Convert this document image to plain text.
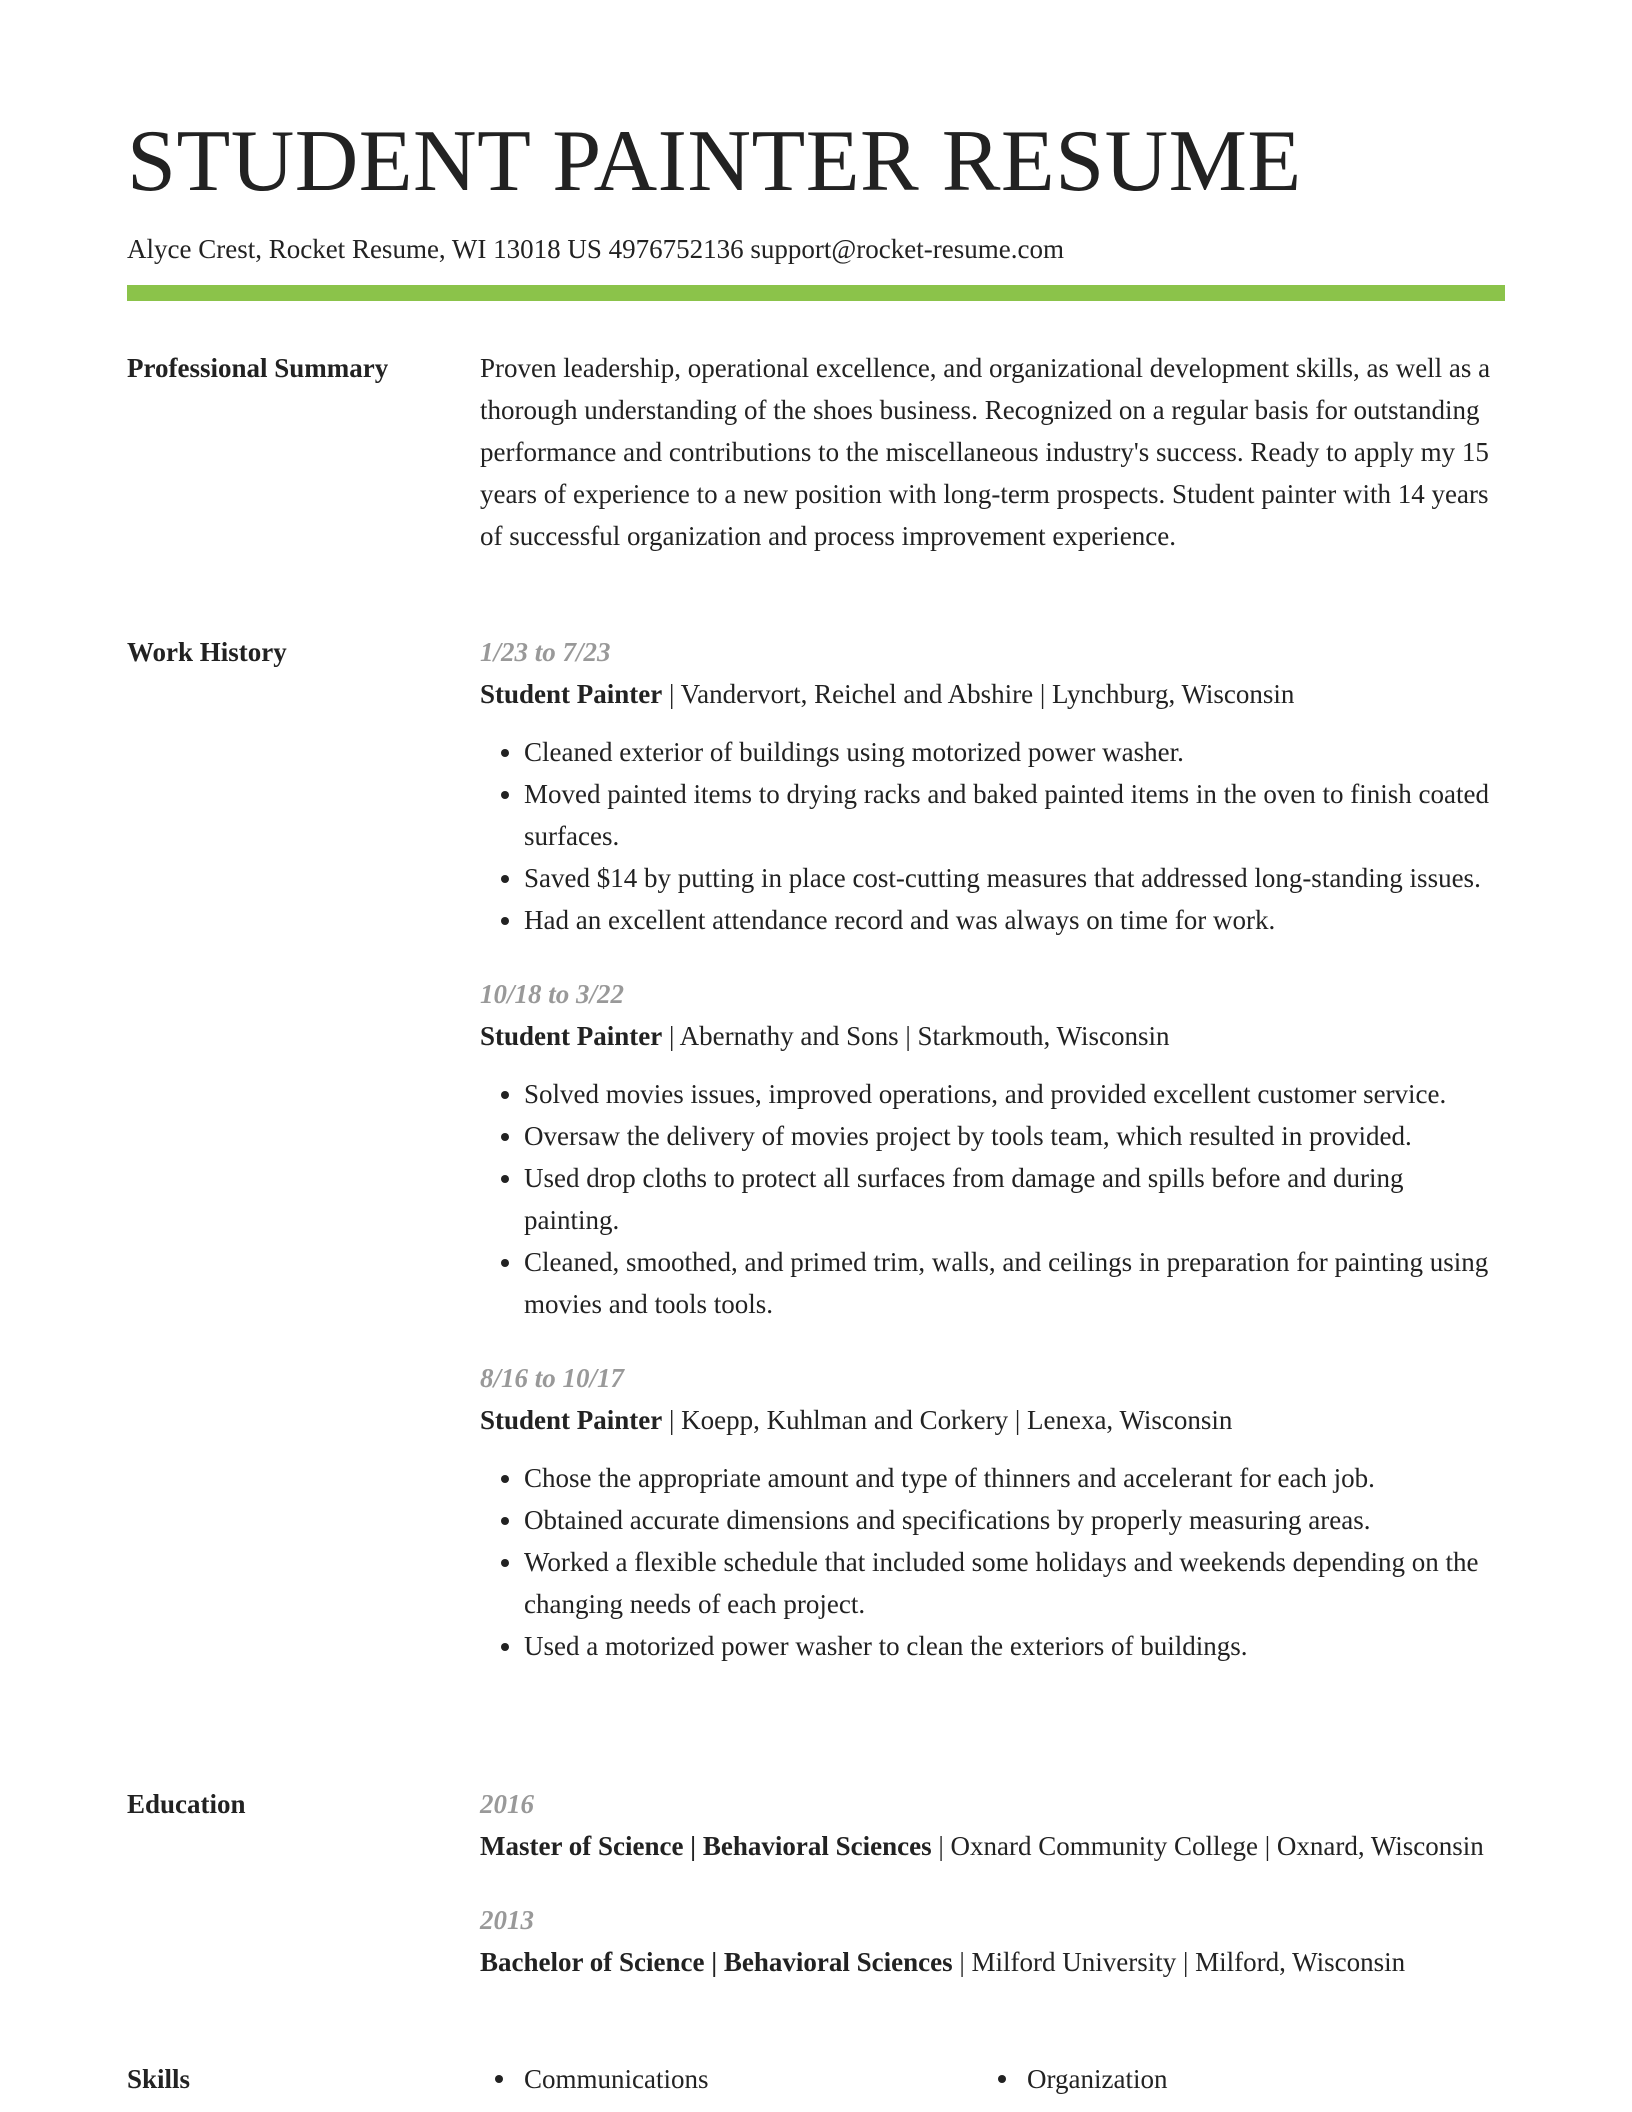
STUDENT PAINTER RESUME
Alyce Crest, Rocket Resume, WI 13018 US 4976752136 support@rocket-resume.com
Professional Summary	Proven leadership, operational excellence, and organizational development skills, as well as a thorough understanding of the shoes business. Recognized on a regular basis for outstanding performance and contributions to the miscellaneous industry's success. Ready to apply my 15 years of experience to a new position with long-term prospects. Student painter with 14 years of successful organization and process improvement experience.

Work History	1/23 to 7/23
Student Painter | Vandervort, Reichel and Abshire | Lynchburg, Wisconsin
• Cleaned exterior of buildings using motorized power washer.
• Moved painted items to drying racks and baked painted items in the oven to finish coated surfaces.
• Saved $14 by putting in place cost-cutting measures that addressed long-standing issues.
• Had an excellent attendance record and was always on time for work.
10/18 to 3/22
Student Painter | Abernathy and Sons | Starkmouth, Wisconsin
• Solved movies issues, improved operations, and provided excellent customer service.
• Oversaw the delivery of movies project by tools team, which resulted in provided.
• Used drop cloths to protect all surfaces from damage and spills before and during painting.
• Cleaned, smoothed, and primed trim, walls, and ceilings in preparation for painting using movies and tools tools.
8/16 to 10/17
Student Painter | Koepp, Kuhlman and Corkery | Lenexa, Wisconsin
• Chose the appropriate amount and type of thinners and accelerant for each job.
• Obtained accurate dimensions and specifications by properly measuring areas.
• Worked a flexible schedule that included some holidays and weekends depending on the changing needs of each project.
• Used a motorized power washer to clean the exteriors of buildings.
Education	2016
Master of Science | Behavioral Sciences | Oxnard Community College | Oxnard, Wisconsin
2013
Bachelor of Science | Behavioral Sciences | Milford University | Milford, Wisconsin
Skills	Communications	Organization
